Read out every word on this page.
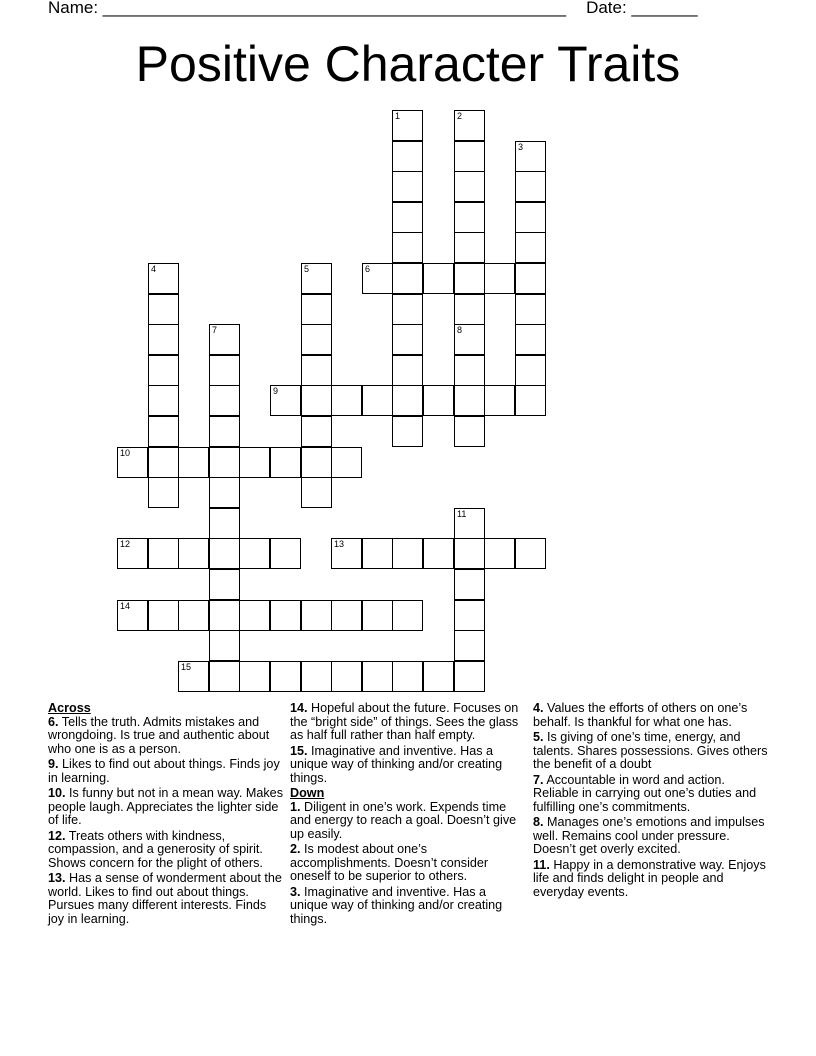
Name: _________________________________________________ Date: _______
Positive Character Traits
6
9
10
12	13
14
15
1	2
8
3
4	5
7
11
Across
6. Tells the truth. Admits mistakes and wrongdoing. Is true and authentic about who one is as a person.
9. Likes to find out about things. Finds joy in learning.
10. Is funny but not in a mean way. Makes people laugh. Appreciates the lighter side of life.
12. Treats others with kindness, compassion, and a generosity of spirit. Shows concern for the plight of others.
13. Has a sense of wonderment about the world. Likes to find out about things. Pursues many different interests. Finds joy in learning.
14. Hopeful about the future. Focuses on the “bright side” of things. Sees the glass as half full rather than half empty.
15. Imaginative and inventive. Has a unique way of thinking and/or creating things.
Down
1. Diligent in one’s work. Expends time and energy to reach a goal. Doesn’t give up easily.
2. Is modest about one’s accomplishments. Doesn’t consider oneself to be superior to others.
3. Imaginative and inventive. Has a unique way of thinking and/or creating things.
4. Values the efforts of others on one’s behalf. Is thankful for what one has.
5. Is giving of one’s time, energy, and talents. Shares possessions. Gives others the benefit of a doubt
7. Accountable in word and action. Reliable in carrying out one’s duties and fulfilling one’s commitments.
8. Manages one’s emotions and impulses well. Remains cool under pressure. Doesn’t get overly excited.
11. Happy in a demonstrative way. Enjoys life and finds delight in people and everyday events.
